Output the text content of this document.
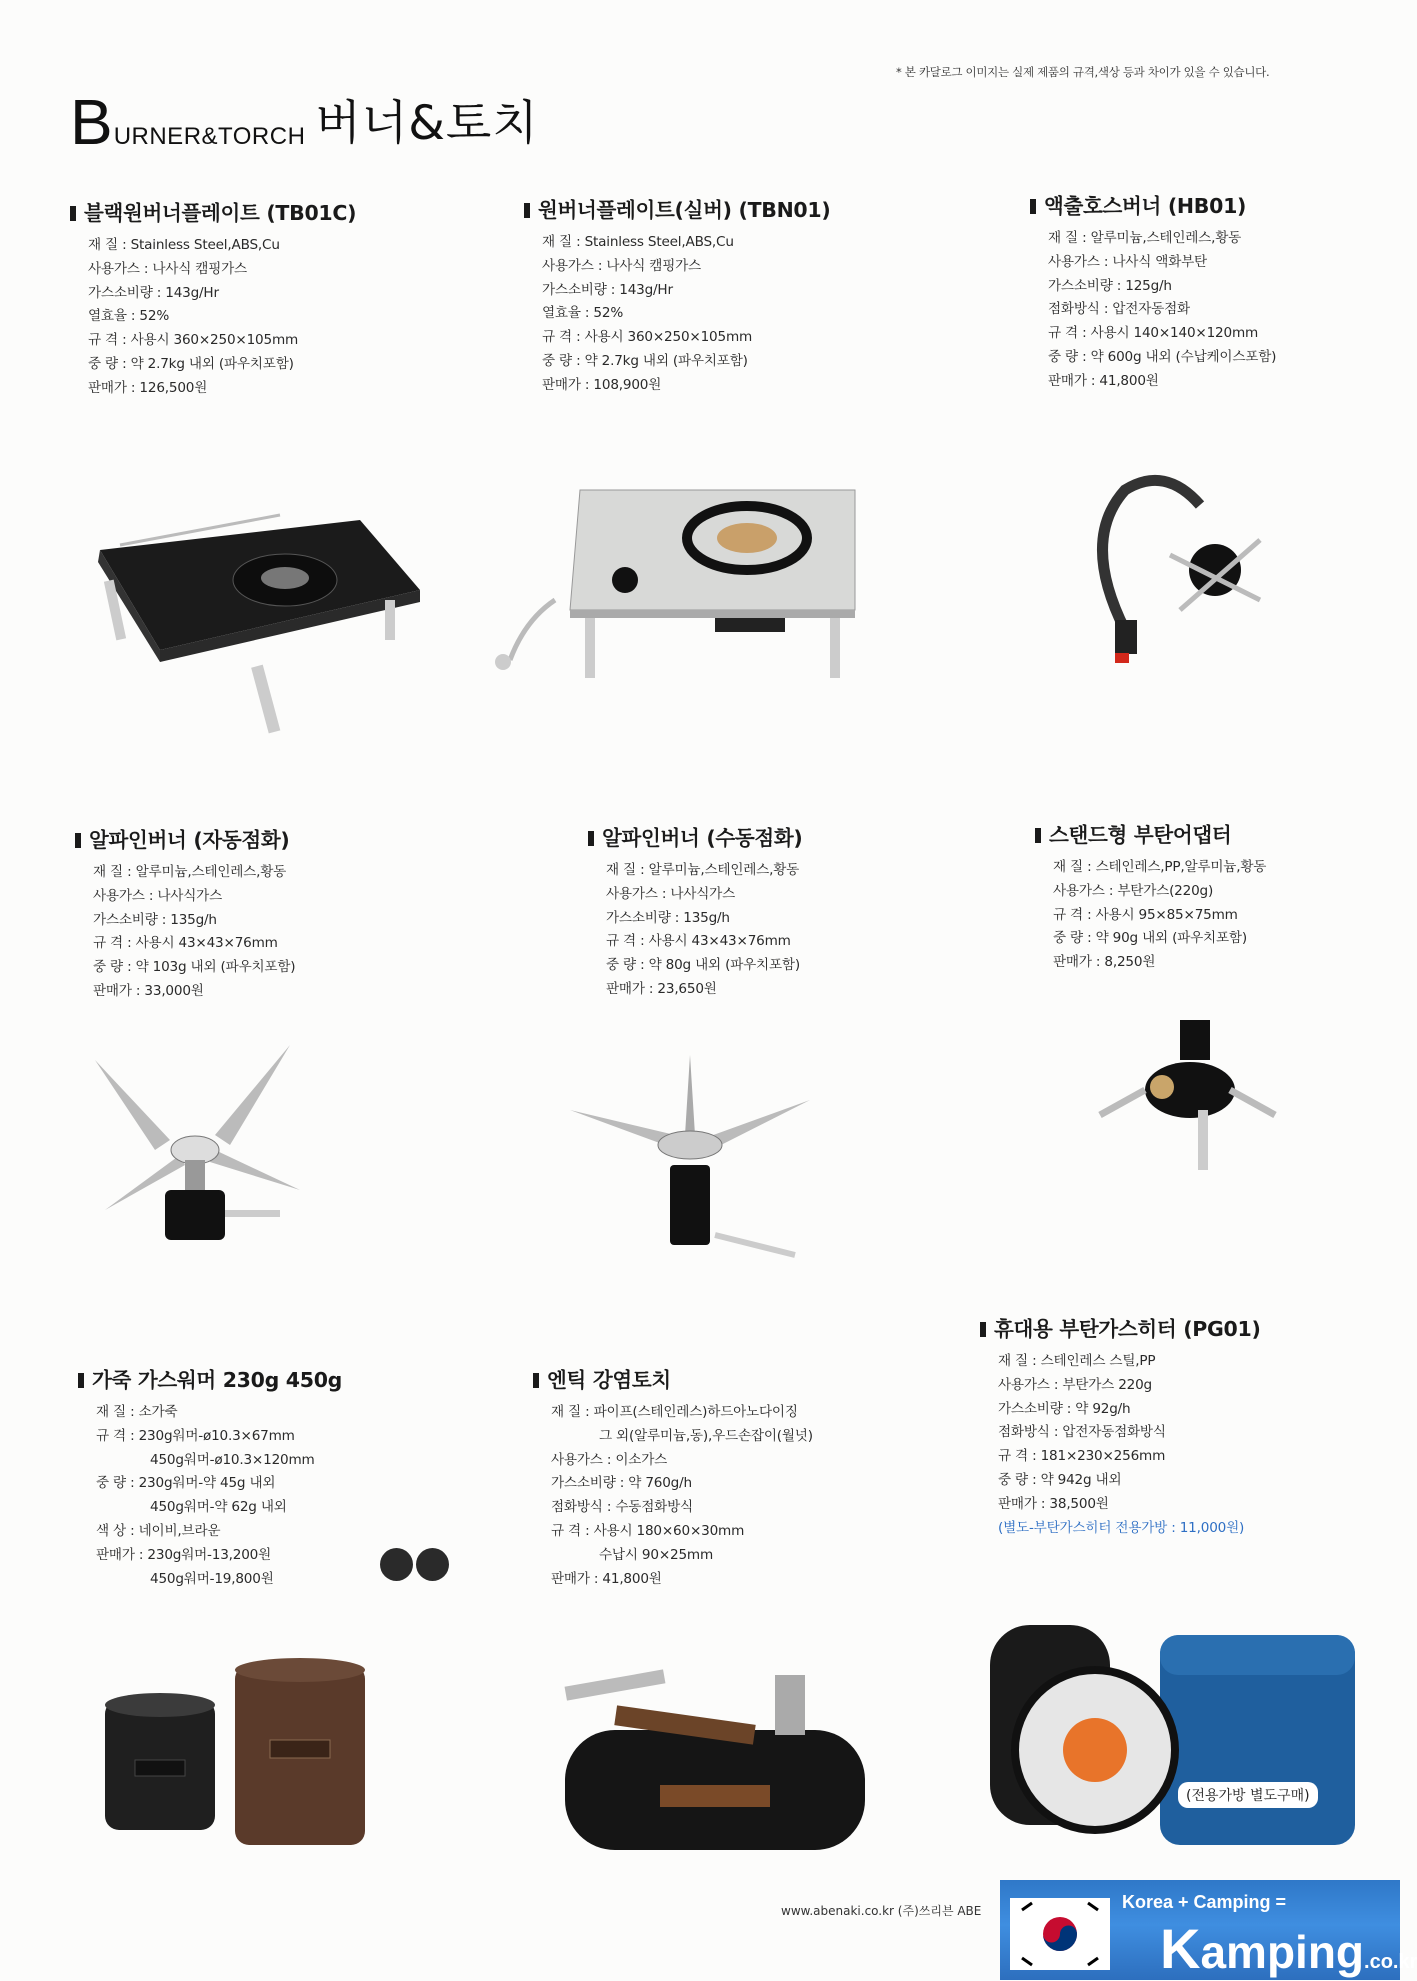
* 본 카달로그 이미지는 실제 제품의 규격,색상 등과 차이가 있을 수 있습니다.
B URNER&TORCH 버너&토치
블랙원버너플레이트 (TB01C)
재 질 : Stainless Steel,ABS,Cu
사용가스 : 나사식 캠핑가스
가스소비량 : 143g/Hr
열효율 : 52%
규 격 : 사용시 360×250×105mm
중 량 : 약 2.7kg 내외 (파우치포함)
판매가 : 126,500원
원버너플레이트(실버) (TBN01)
재 질 : Stainless Steel,ABS,Cu
사용가스 : 나사식 캠핑가스
가스소비량 : 143g/Hr
열효율 : 52%
규 격 : 사용시 360×250×105mm
중 량 : 약 2.7kg 내외 (파우치포함)
판매가 : 108,900원
액출호스버너 (HB01)
재 질 : 알루미늄,스테인레스,황동
사용가스 : 나사식 액화부탄
가스소비량 : 125g/h
점화방식 : 압전자동점화
규 격 : 사용시 140×140×120mm
중 량 : 약 600g 내외 (수납케이스포함)
판매가 : 41,800원
알파인버너 (자동점화)
재 질 : 알루미늄,스테인레스,황동
사용가스 : 나사식가스
가스소비량 : 135g/h
규 격 : 사용시 43×43×76mm
중 량 : 약 103g 내외 (파우치포함)
판매가 : 33,000원
알파인버너 (수동점화)
재 질 : 알루미늄,스테인레스,황동
사용가스 : 나사식가스
가스소비량 : 135g/h
규 격 : 사용시 43×43×76mm
중 량 : 약 80g 내외 (파우치포함)
판매가 : 23,650원
스탠드형 부탄어댑터
재 질 : 스테인레스,PP,알루미늄,황동
사용가스 : 부탄가스(220g)
규 격 : 사용시 95×85×75mm
중 량 : 약 90g 내외 (파우치포함)
판매가 : 8,250원
가죽 가스워머 230g 450g
재 질 : 소가죽
규 격 : 230g워머-ø10.3×67mm
450g워머-ø10.3×120mm
중 량 : 230g워머-약 45g 내외
450g워머-약 62g 내외
색 상 : 네이비,브라운
판매가 : 230g워머-13,200원
450g워머-19,800원
엔틱 강염토치
재 질 : 파이프(스테인레스)하드아노다이징
그 외(알루미늄,동),우드손잡이(월넛)
사용가스 : 이소가스
가스소비량 : 약 760g/h
점화방식 : 수동점화방식
규 격 : 사용시 180×60×30mm
수납시 90×25mm
판매가 : 41,800원
휴대용 부탄가스히터 (PG01)
재 질 : 스테인레스 스틸,PP
사용가스 : 부탄가스 220g
가스소비량 : 약 92g/h
점화방식 : 압전자동점화방식
규 격 : 181×230×256mm
중 량 : 약 942g 내외
판매가 : 38,500원
(별도-부탄가스히터 전용가방 : 11,000원)
(전용가방 별도구매)
www.abenaki.co.kr (주)쓰리븐 ABE	Korea + Camping =
Kamping.co.kr
